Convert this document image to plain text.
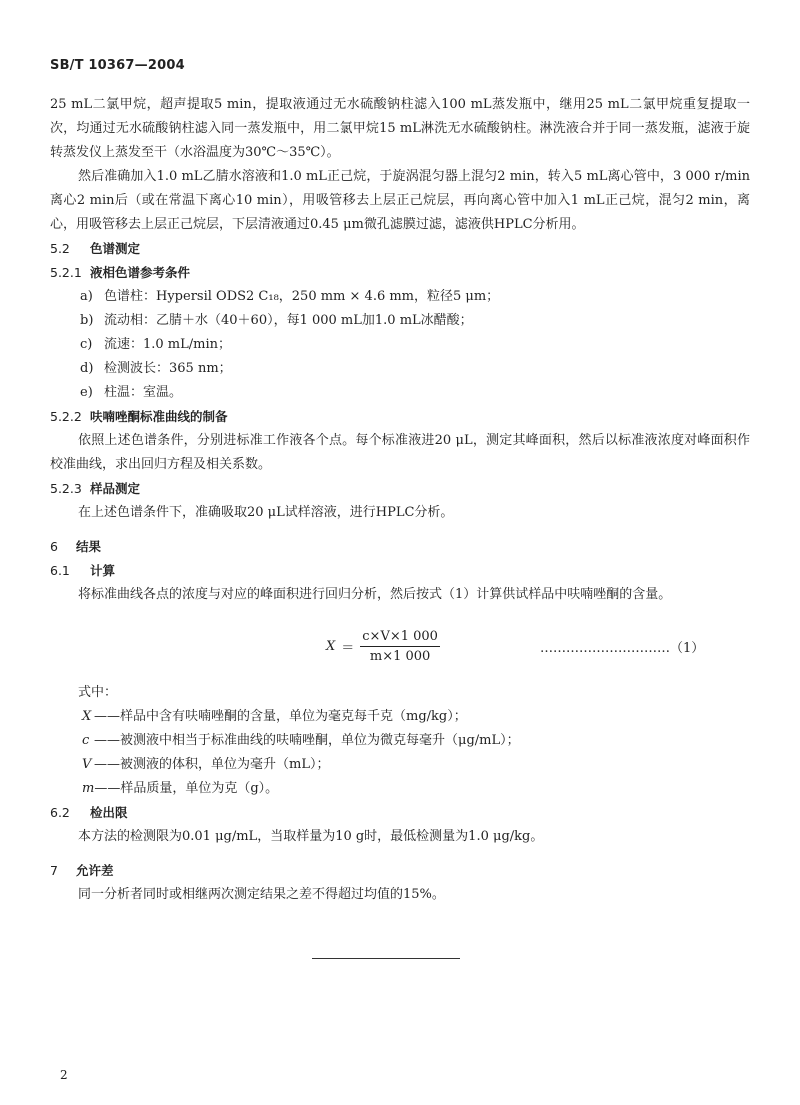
SB/T 10367—2004

25 mL二氯甲烷，超声提取5 min，提取液通过无水硫酸钠柱滤入100 mL蒸发瓶中，继用25 mL二氯甲烷重复提取一次，均通过无水硫酸钠柱滤入同一蒸发瓶中，用二氯甲烷15 mL淋洗无水硫酸钠柱。淋洗液合并于同一蒸发瓶，滤液于旋转蒸发仪上蒸发至干（水浴温度为30℃～35℃）。

然后准确加入1.0 mL乙腈水溶液和1.0 mL正己烷，于旋涡混匀器上混匀2 min，转入5 mL离心管中，3 000 r/min离心2 min后（或在常温下离心10 min），用吸管移去上层正己烷层，再向离心管中加入1 mL正己烷，混匀2 min，离心，用吸管移去上层正己烷层，下层清液通过0.45 μm微孔滤膜过滤，滤液供HPLC分析用。

5.2 色谱测定

5.2.1 液相色谱参考条件

a) 色谱柱：Hypersil ODS2 C₁₈，250 mm × 4.6 mm，粒径5 μm；

b) 流动相：乙腈＋水（40＋60），每1 000 mL加1.0 mL冰醋酸；

c) 流速：1.0 mL/min；

d) 检测波长：365 nm；

e) 柱温：室温。

5.2.2 呋喃唑酮标准曲线的制备

依照上述色谱条件，分别进标准工作液各个点。每个标准液进20 μL，测定其峰面积，然后以标准液浓度对峰面积作校准曲线，求出回归方程及相关系数。

5.2.3 样品测定

在上述色谱条件下，准确吸取20 μL试样溶液，进行HPLC分析。

6 结果

6.1 计算

将标准曲线各点的浓度与对应的峰面积进行回归分析，然后按式（1）计算供试样品中呋喃唑酮的含量。

$X = \frac{c\times V\times 1 000}{m\times 1 000}$	…………………………（1）

式中：

X ——样品中含有呋喃唑酮的含量，单位为毫克每千克（mg/kg）；

c ——被测液中相当于标准曲线的呋喃唑酮，单位为微克每毫升（μg/mL）；

V ——被测液的体积，单位为毫升（mL）；

m——样品质量，单位为克（g）。

6.2 检出限

本方法的检测限为0.01 μg/mL，当取样量为10 g时，最低检测量为1.0 μg/kg。

7 允许差

同一分析者同时或相继两次测定结果之差不得超过均值的15%。

2
